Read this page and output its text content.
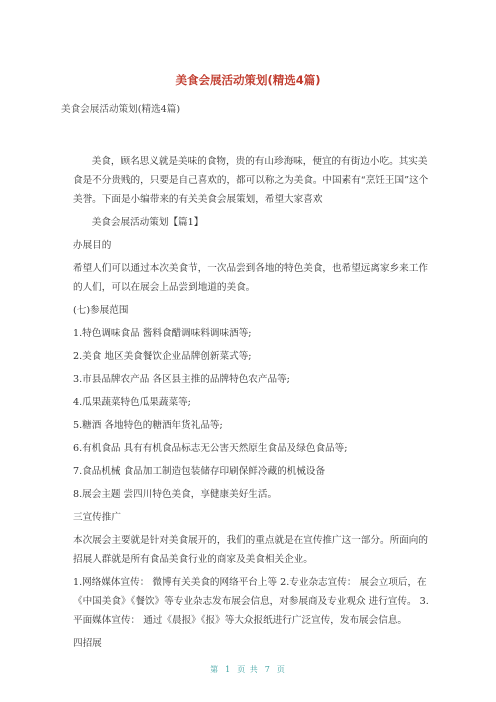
美食会展活动策划(精选4篇)
美食会展活动策划(精选4篇)

美食，顾名思义就是美味的食物，贵的有山珍海味，便宜的有街边小吃。其实美食是不分贵贱的，只要是自己喜欢的，都可以称之为美食。中国素有“烹饪王国”这个美誉。下面是小编带来的有关美食会展策划，希望大家喜欢

美食会展活动策划【篇1】

办展目的

希望人们可以通过本次美食节，一次品尝到各地的特色美食，也希望远离家乡来工作的人们，可以在展会上品尝到地道的美食。

(七)参展范围

1.特色调味食品 酱料食醋调味料调味酒等;

2.美食 地区美食餐饮企业品牌创新菜式等;

3.市县品牌农产品 各区县主推的品牌特色农产品等;

4.瓜果蔬菜特色瓜果蔬菜等;

5.糖酒 各地特色的糖酒年货礼品等;

6.有机食品 具有有机食品标志无公害天然原生食品及绿色食品等;

7.食品机械 食品加工制造包装储存印刷保鲜冷藏的机械设备

8.展会主题 尝四川特色美食，享健康美好生活。

三宣传推广

本次展会主要就是针对美食展开的，我们的重点就是在宣传推广这一部分。所面向的招展人群就是所有食品美食行业的商家及美食相关企业。

1.网络媒体宣传： 微博有关美食的网络平台上等 2.专业杂志宣传： 展会立项后，在《中国美食》《餐饮》等专业杂志发布展会信息，对参展商及专业观众 进行宣传。 3.平面媒体宣传： 通过《晨报》《报》等大众报纸进行广泛宣传，发布展会信息。

四招展

第 1 页 共 7 页
